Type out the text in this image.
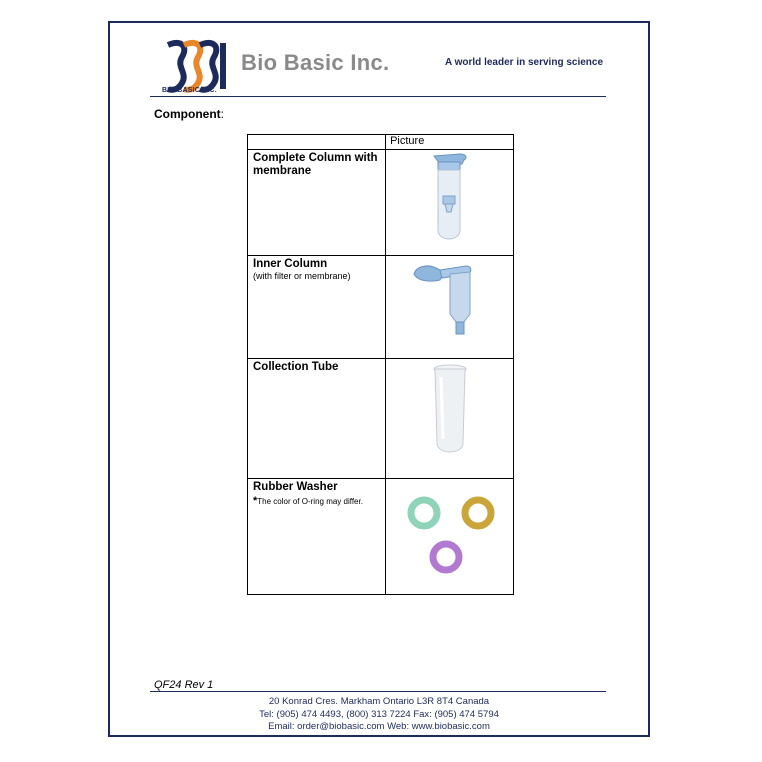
BIO BASIC INC.
Bio Basic Inc.	A world leader in serving science
Component:
	Picture

Complete Column with membrane

Inner Column
(with filter or membrane)

Collection Tube

Rubber Washer
*The color of O-ring may differ.

QF24 Rev 1
20 Konrad Cres. Markham Ontario L3R 8T4 Canada
Tel: (905) 474 4493, (800) 313 7224 Fax: (905) 474 5794
Email: order@biobasic.com Web: www.biobasic.com
